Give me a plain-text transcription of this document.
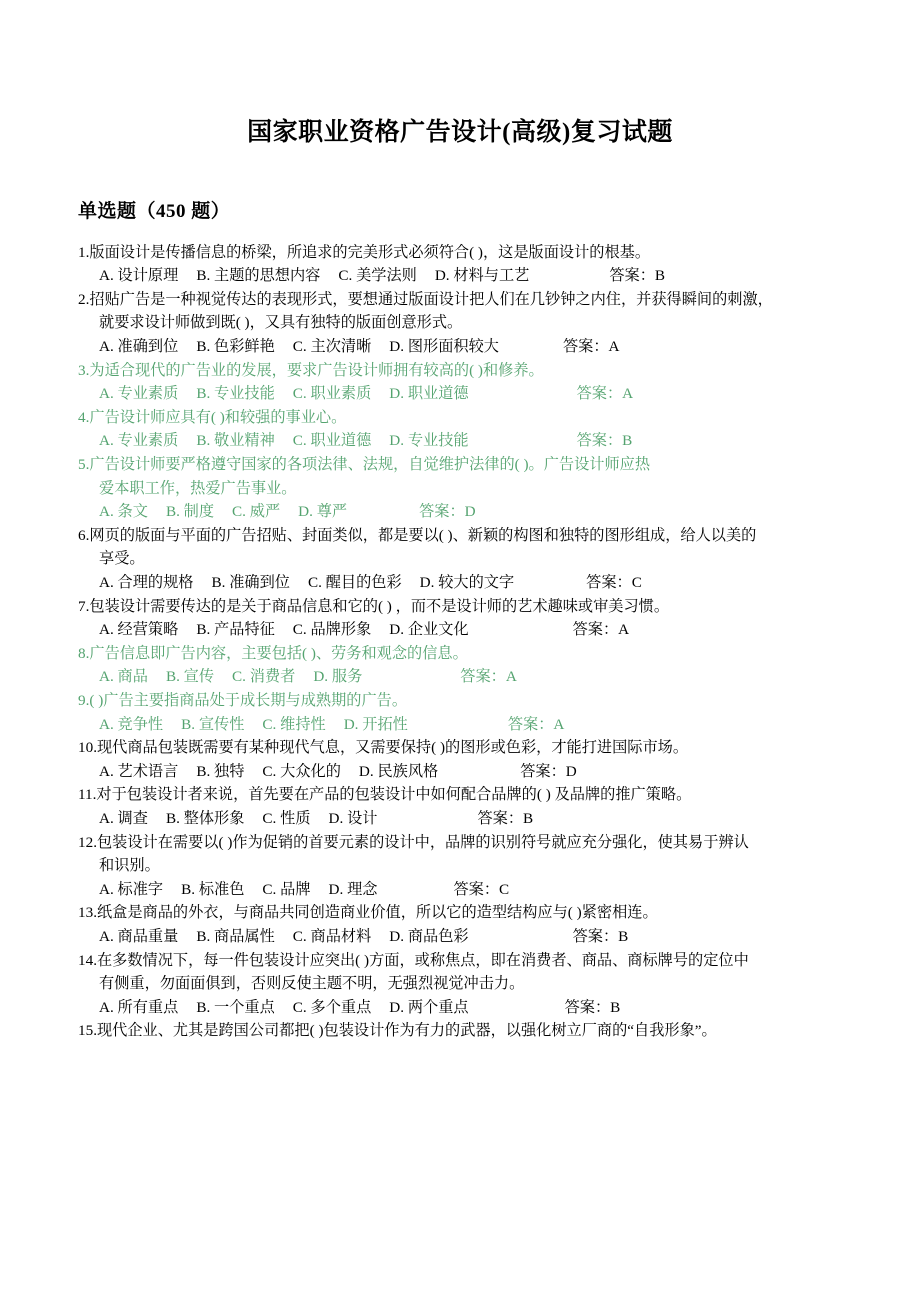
国家职业资格广告设计(高级)复习试题
单选题（450 题）
1.版面设计是传播信息的桥梁，所追求的完美形式必须符合( )，这是版面设计的根基。
A. 设计原理 B. 主题的思想内容 C. 美学法则 D. 材料与工艺	答案：B
2.招贴广告是一种视觉传达的表现形式，要想通过版面设计把人们在几钞钟之内住，并获得瞬间的刺激，
就要求设计师做到既( )，又具有独特的版面创意形式。
A. 准确到位 B. 色彩鲜艳 C. 主次清晰 D. 图形面积较大	答案：A
3.为适合现代的广告业的发展，要求广告设计师拥有较高的( )和修养。
A. 专业素质 B. 专业技能 C. 职业素质 D. 职业道德	答案：A
4.广告设计师应具有( )和较强的事业心。
A. 专业素质 B. 敬业精神 C. 职业道德 D. 专业技能	答案：B
5.广告设计师要严格遵守国家的各项法律、法规，自觉维护法律的( )。广告设计师应热
爱本职工作，热爱广告事业。
A. 条文 B. 制度 C. 威严 D. 尊严	答案：D
6.网页的版面与平面的广告招贴、封面类似，都是要以( )、新颖的构图和独特的图形组成，给人以美的
享受。
A. 合理的规格 B. 准确到位 C. 醒目的色彩 D. 较大的文字	答案：C
7.包装设计需要传达的是关于商品信息和它的( ) ，而不是设计师的艺术趣味或审美习惯。
A. 经营策略 B. 产品特征 C. 品牌形象 D. 企业文化	答案：A
8.广告信息即广告内容，主要包括( )、劳务和观念的信息。
A. 商品 B. 宣传 C. 消费者 D. 服务	答案：A
9.( )广告主要指商品处于成长期与成熟期的广告。
A. 竞争性 B. 宣传性 C. 维持性 D. 开拓性	答案：A
10.现代商品包装既需要有某种现代气息，又需要保持( )的图形或色彩，才能打进国际市场。
A. 艺术语言 B. 独特 C. 大众化的 D. 民族风格	答案：D
11.对于包装设计者来说，首先要在产品的包装设计中如何配合品牌的( ) 及品牌的推广策略。
A. 调查 B. 整体形象 C. 性质 D. 设计	答案：B
12.包装设计在需要以( )作为促销的首要元素的设计中，品牌的识别符号就应充分强化，使其易于辨认
和识别。
A. 标准字 B. 标准色 C. 品牌 D. 理念	答案：C
13.纸盒是商品的外衣，与商品共同创造商业价值，所以它的造型结构应与( )紧密相连。
A. 商品重量 B. 商品属性 C. 商品材料 D. 商品色彩	答案：B
14.在多数情况下，每一件包装设计应突出( )方面，或称焦点，即在消费者、商品、商标牌号的定位中
有侧重，勿面面俱到，否则反使主题不明，无强烈视觉冲击力。
A. 所有重点 B. 一个重点 C. 多个重点 D. 两个重点	答案：B
15.现代企业、尤其是跨国公司都把( )包装设计作为有力的武器，以强化树立厂商的“自我形象”。
